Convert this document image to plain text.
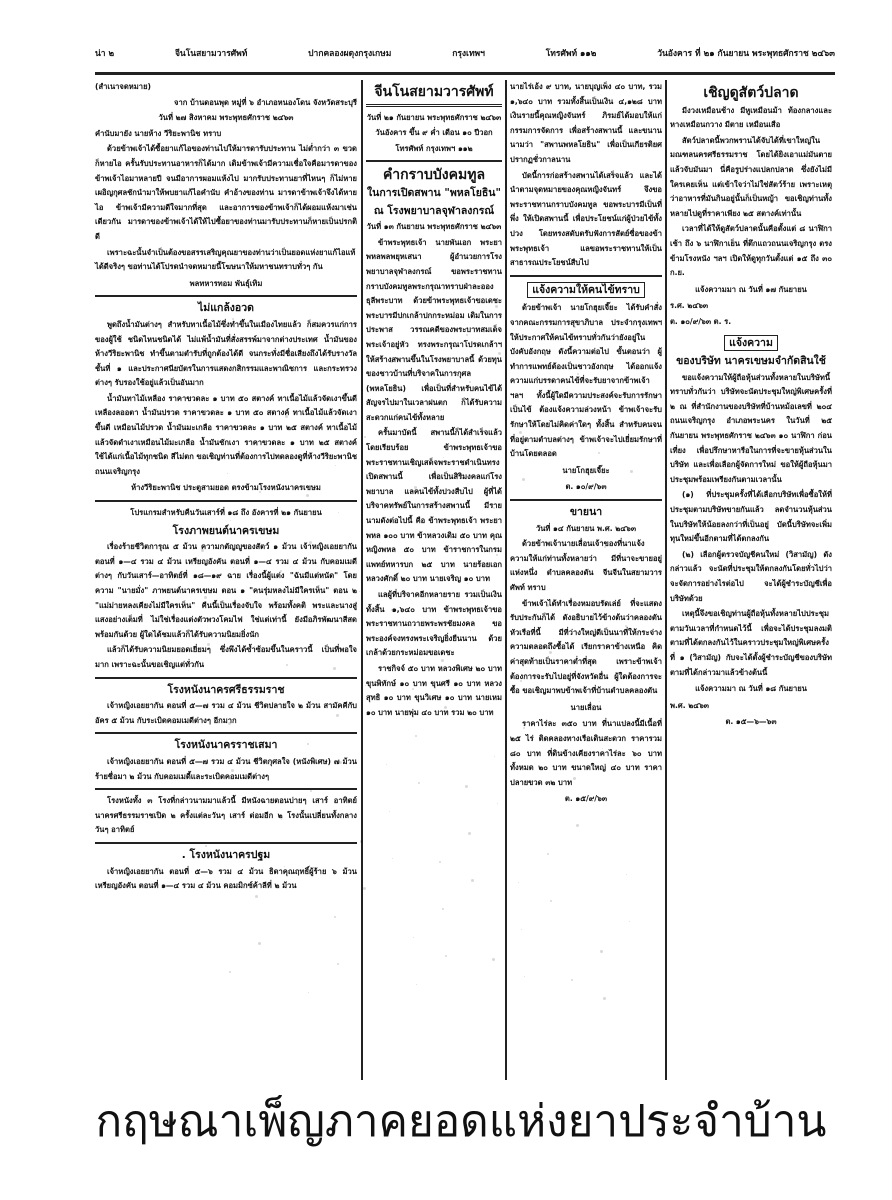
น่า ๒	จีนโนสยามวารศัพท์	ปากคลองผดุงกรุงเกษม	กรุงเทพฯ	โทรศัพท์ ๑๑๒	วันอังคาร ที่ ๒๑ กันยายน พระพุทธศักราช ๒๔๖๓
(สำเนาจดหมาย)
จาก บ้านดอนพุด หมู่ที่ ๖ อำเภอหนองโดน จังหวัดสระบุรี
วันที่ ๒๗ สิงหาคม พระพุทธศักราช ๒๔๖๓
คำนับมายัง นายห้าง วีริยะพานิช ทราบ
ด้วยข้าพเจ้าได้ซื้อยาแก้ไอของท่านไปให้มารดารับประทาน ไม่ต่ำกว่า ๓ ขวด ก็หายไอ ครั้นรับประทานอาหารก็ได้มาก เดิมข้าพเจ้ามีความเชื่อใจคือมารดาของข้าพเจ้าไอมาหลายปี จนมีอาการผอมแห้งไป มากรับประทานยาที่ไหนๆ ก็ไม่หาย เผอิญกุศลชักนำมาให้พบยาแก้ไอคำนับ คำอ้างของท่าน มารดาข้าพเจ้าจึงได้หายไอ ข้าพเจ้ามีความดีใจมากที่สุด และอาการของข้าพเจ้าก็ได้ผอมแห้งมาเช่นเดียวกัน มารดาของข้าพเจ้าได้ให้ไปซื้อยาของท่านมารับประทานก็หายเป็นปรกติดี
เพราะฉะนั้นจำเป็นต้องขอสรรเสริญคุณยาของท่านว่าเป็นยอดแห่งยาแก้ไอแท้ได้ดีจริงๆ ขอท่านได้โปรดนำจดหมายนี้โฆษนาให้มหาชนทราบทั่วๆ กัน
พลทหารทอม พันธุ์เทิม
ไม่แกล้งอวด
พูดถึงน้ำมันต่างๆ สำหรับทาเนื้อไม้ซึ่งทำขึ้นในเมืองไทยแล้ว ก็สมควรแก่การของผู้ใช้ ชนิดไหนชนิดได้ ไม่แพ้น้ำมันที่สั่งสรรพ์มาจากต่างประเทศ น้ำมันของห้างวีริยะพานิช ทำขึ้นตามตำรับที่ถูกต้องได้ดี จนกระทั่งมีชื่อเสียงถึงได้รับรางวัลชั้นที่ ๑ และประกาศนียบัตรในการแสดงกสิกรรมและพาณิชการ และกระทรวงต่างๆ รับรองใช้อยู่แล้วเป็นอันมาก
น้ำมันทาไม้เหลือง ราคาขวดละ ๑ บาท ๕๐ สตางค์ ทาเนื้อไม้แล้วจัดเงาขึ้นดี เหลืองลออตา น้ำมันปรวด ราคาขวดละ ๑ บาท ๕๐ สตางค์ ทาเนื้อไม้แล้วจัดเงาขึ้นดี เหมือนไม้ปรวด น้ำมันมะเกลือ ราคาขวดละ ๑ บาท ๒๕ สตางค์ ทาเนื้อไม้แล้วจัดดำเงาเหมือนไม้มะเกลือ น้ำมันชักเงา ราคาขวดละ ๑ บาท ๒๕ สตางค์ ใช้ได้แก่เนื้อไม้ทุกชนิด สีไม่ตก ขอเชิญท่านที่ต้องการไปทดลองดูที่ห้างวีริยะพานิช ถนนเจริญกรุง
ห้างวีริยะพานิช ประตูสามยอด ตรงข้ามโรงหนังนาครเขษม
โปรแกรมสำหรับคืนวันเสาร์ที่ ๑๘ ถึง อังคารที่ ๒๑ กันยายน
โรงภาพยนต์นาครเขษม
เรื่องร้ายชีวิตการุณ ๕ ม้วน ความกตัญญูของสัตว์ ๑ ม้วน เจ้าหญิงเอยยากัน ตอนที่ ๑—๔ รวม ๔ ม้วน เหรียญอังคัน ตอนที่ ๑—๔ รวม ๔ ม้วน กับคอมเมดีต่างๆ กับวันเสาร์—อาทิตย์ที่ ๑๘—๑๙ ฉาย เรื่องนี้ผู้แต่ง "ฉันมีแต่หนัด" โดยความ "นายมั่ง" ภาพยนต์นาครเขษม ตอน ๑ "คนรุ่มหลงไม่มีใครเห็น" ตอน ๒ "แม่ม่ายหลงเคียงไม่มีใครเห็น" คืนนี้เป็นเรื่องจับใจ พร้อมทั้งคติ พระและนางสู่แสงอย่างเต็มที่ ไม่ใช่เรื่องแต่งตัวพวงโคมไฟ ใช่แต่เท่านี้ ยังมีอภิรพัฒนาสีสดพร้อมกันด้วย ผู้ใดได้ชมแล้วก็ได้รับความนิยมยิ่งนัก
แล้วก็ได้รับความนิยมยอดเยี่ยมๆ ซึ่งพึงได้ซ้ำซ้อมขึ้นในคราวนี้ เป็นที่พอใจมาก เพราะฉะนั้นขอเชิญแต่ทั่วกัน
โรงหนังนาครศรีธรรมราช
เจ้าหญิงเอยยากัน ตอนที่ ๕—๗ รวม ๔ ม้วน ชีวิตปลายใจ ๒ ม้วน สามัคคีกับอัคร ๕ ม้วน กับระเบิดคอมเมดีต่างๆ อีกมาก
โรงหนังนาครราชเสมา
เจ้าหญิงเอยยากัน ตอนที่ ๕—๗ รวม ๔ ม้วน ชีวิตกุศลใจ (หนังพิเศษ) ๗ ม้วน ร้ายชื่อมา ๒ ม้วน กับคอมเมดี้และระเบิดคอมเมดีต่างๆ
โรงหนังทั้ง ๓ โรงที่กล่าวนามมาแล้วนี้ มีหนังฉายตอนบ่ายๆ เสาร์ อาทิตย์ นาครศรีธรรมราชเปิด ๒ ครั้งแต่ละวันๆ เสาร์ ต่อมอีก ๒ โรงนั้นเปลี่ยนทั้งกลางวันๆ อาทิตย์
. โรงหนังนาครปฐม
เจ้าหญิงเอยยากัน ตอนที่ ๕—๖ รวม ๔ ม้วน ธิดาคุณฤทธิ์ผู้ร้าย ๖ ม้วน เหรียญอังคัน ตอนที่ ๑—๔ รวม ๔ ม้วน คอมมิกซ์ค้าลีที่ ๒ ม้วน
จีนโนสยามวารศัพท์
วันที่ ๒๑ กันยายน พระพุทธศักราช ๒๔๖๓
วันอังคาร ขึ้น ๙ ค่ำ เดือน ๑๐ ปีวอก
โทรศัพท์ กรุงเทพฯ ๑๑๒
คำกราบบังคมทูล
ในการเปิดสพาน "พหลโยธิน"
ณ โรงพยาบาลจุฬาลงกรณ์
วันที่ ๑๓ กันยายน พระพุทธศักราช ๒๔๖๓
ข้าพระพุทธเจ้า นายพันเอก พระยาพหลพลพยุหเสนา ผู้อำนวยการโรงพยาบาลจุฬาลงกรณ์ ขอพระราชทานกราบบังคมทูลพระกรุณาทราบฝ่าละอองธุลีพระบาท ด้วยข้าพระพุทธเจ้าขอเดชะ พระบารมีปกเกล้าปกกระหม่อม เดิมในการประพาส วรรณคดีของพระบาทสมเด็จพระเจ้าอยู่หัว ทรงพระกรุณาโปรดเกล้าฯ ให้สร้างสพานขึ้นในโรงพยาบาลนี้ ด้วยทุนของชาวบ้านที่บริจาคในการกุศล (พหลโยธิน) เพื่อเป็นที่สำหรับคนไข้ได้สัญจรไปมาในเวลาฝนตก ก็ได้รับความสะดวกแก่คนไข้ทั้งหลาย
ครั้นมาบัดนี้ สพานนี้ก็ได้สำเร็จแล้วโดยเรียบร้อย ข้าพระพุทธเจ้าขอพระราชทานเชิญเสด็จพระราชดำเนินทรงเปิดสพานนี้ เพื่อเป็นสิริมงคลแก่โรงพยาบาล แลคนไข้ทั้งปวงสืบไป ผู้ที่ได้บริจาคทรัพย์ในการสร้างสพานนี้ มีรายนามดังต่อไปนี้ คือ ข้าพระพุทธเจ้า พระยาพหล ๑๐๐ บาท ข้าหลวงเดิม ๕๐ บาท คุณหญิงพหล ๕๐ บาท ข้าราชการในกรมแพทย์ทหารบก ๒๕ บาท นายร้อยเอก หลวงศักดิ์ ๒๐ บาท นายเจริญ ๑๐ บาท
แลผู้ที่บริจาคอีกหลายราย รวมเป็นเงินทั้งสิ้น ๑,๖๔๐ บาท ข้าพระพุทธเจ้าขอพระราชทานถวายพระพรชัยมงคล ขอพระองค์จงทรงพระเจริญยิ่งยืนนาน ด้วยเกล้าด้วยกระหม่อมขอเดชะ
ราชกิจจ์ ๕๐ บาท หลวงพิเศษ ๒๐ บาท ขุนพิทักษ์ ๑๐ บาท ขุนศรี ๑๐ บาท หลวงสุทธิ ๑๐ บาท ขุนวิเศษ ๑๐ บาท นายเหม ๑๐ บาท นายพุ่ม ๔๐ บาท รวม ๒๐ บาท
นายไร่เอ้ง ๙ บาท, นายบุญเพ็ง ๔๐ บาท, รวม ๑,๖๔๐ บาท รวมทั้งสิ้นเป็นเงิน ๔,๑๒๘ บาท เงินรายนี้คุณหญิงจันทร์ ภิรมย์ได้มอบให้แก่กรรมการจัดการ เพื่อสร้างสพานนี้ และขนานนามว่า "สพานพหลโยธิน" เพื่อเป็นเกียรติยศปรากฏชั่วกาลนาน
บัดนี้การก่อสร้างสพานได้เสร็จแล้ว และได้นำตามจุดหมายของคุณหญิงจันทร์ จึงขอพระราชทานกราบบังคมทูล ขอพระบารมีเป็นที่พึ่ง ให้เปิดสพานนี้ เพื่อประโยชน์แก่ผู้ป่วยไข้ทั้งปวง โดยทรงสดับตรับฟังการสัตย์ซื่อของข้าพระพุทธเจ้า แลขอพระราชทานให้เป็นสาธารณประโยชน์สืบไป
แจ้งความให้คนไข้ทราบ
ด้วยข้าพเจ้า นายโกฮุยเจี๊ยะ ได้รับคำสั่งจากคณะกรรมการสุขาภิบาล ประจำกรุงเทพฯ ให้ประกาศให้คนไข้ทราบทั่วกันว่ายังอยู่ในบังคับอังกฤษ ดังนี้ความต่อไป ขั้นตอนว่า ผู้ทำการแพทย์ต้องเป็นชาวอังกฤษ ได้ออกแจ้งความแก่บรรดาคนไข้ที่จะรับยาจากข้าพเจ้า ฯลฯ ทั้งนี้ผู้ใดมีความประสงค์จะรับการรักษาเป็นไข้ ต้องแจ้งความล่วงหน้า ข้าพเจ้าจะรับรักษาให้โดยไม่คิดค่าใดๆ ทั้งสิ้น สำหรับคนจนที่อยู่ตามตำบลต่างๆ ข้าพเจ้าจะไปเยี่ยมรักษาที่บ้านโดยตลอด
นายโกฮุยเจี๊ยะ
ต. ๑๐/๙/๖๓
ขายนา
วันที่ ๑๔ กันยายน พ.ศ. ๒๔๖๓
ด้วยข้าพเจ้านายเลื่อนเจ้าของที่นาแจ้งความให้แก่ท่านทั้งหลายว่า มีที่นาจะขายอยู่แห่งหนึ่ง ตำบลคลองตัน จีนจีนในสยามวารศัพท์ ทราบ
ข้าพเจ้าได้ทำเรื่องหมอบรัดเล่ย์ ที่จะแสดงรับประกันก็ได้ ดังอธิบายไว้ข้างต้นว่าคลองตันหัวเรือที่นี้ มีที่ว่างใหญ่ดีเป็นนาที่ให้กระจ่างความตลอดถึงซื้อได้ เรียกราคาข้างเหนือ คิดค่าสุดท้ายเป็นราคาต่ำที่สุด เพราะข้าพเจ้าต้องการจะรับไปอยู่ที่จังหวัดอื่น ผู้ใดต้องการจะซื้อ ขอเชิญมาพบข้าพเจ้าที่บ้านตำบลคลองตัน
นายเลื่อน
ราคาไร่ละ ๓๕๐ บาท ที่นาแปลงนี้มีเนื้อที่ ๒๕ ไร่ ติดคลองทางเรือเดินสะดวก ราคารวม ๘๐ บาท ที่ดินข้างเคียงราคาไร่ละ ๖๐ บาท ทั้งหมด ๒๐ บาท ขนาดใหญ่ ๔๐ บาท ราคาปลายขวด ๓๒ บาท
ต. ๑๕/๙/๖๓
เชิญดูสัตว์ปลาด
มีงวงเหมือนช้าง มีหูเหมือนม้า ท้องกลางและหางเหมือนกวาง มีตาย เหมือนเสือ
สัตว์ปลาดนี้พวกพรานได้จับได้ที่เขาใหญ่ในมณฑลนครศรีธรรมราช โดยได้ยิงเอาแม่มันตายแล้วจับมันมา นี่คือรูปร่างแปลกปลาด ซึ่งยังไม่มีใครเคยเห็น แต่เข้าใจว่าไม่ใช่สัตว์ร้าย เพราะเหตุว่าอาหารที่มันกินอยู่นั้นก็เป็นหญ้า ขอเชิญท่านทั้งหลายไปดูที่ราคาเพียง ๒๕ สตางค์เท่านั้น
เวลาที่ได้ให้ดูสัตว์ปลาดนั้นคือตั้งแต่ ๘ นาฬิกาเช้า ถึง ๖ นาฬิกาเย็น ที่ตึกแถวถนนเจริญกรุง ตรงข้ามโรงหนัง ฯลฯ เปิดให้ดูทุกวันตั้งแต่ ๑๕ ถึง ๓๐ ก.ย.
แจ้งความมา ณ วันที่ ๑๗ กันยายน
ร.ศ. ๒๔๖๓
ต. ๑๐/๙/๖๓ ต. ร.
แจ้งความ
ของบริษัท นาครเขษมจำกัดสินใช้
ขอแจ้งความให้ผู้ถือหุ้นส่วนทั้งหลายในบริษัทนี้ทราบทั่วกันว่า บริษัทจะนัดประชุมใหญ่พิเศษครั้งที่ ๒ ณ ที่สำนักงานของบริษัทที่บ้านหม้อเลขที่ ๒๐๔ ถนนเจริญกรุง อำเภอพระนคร ในวันที่ ๒๕ กันยายน พระพุทธศักราช ๒๔๖๓ ๑๐ นาฬิกา ก่อนเที่ยง เพื่อปรึกษาหารือในการที่จะขายหุ้นส่วนในบริษัท และเพื่อเลือกผู้จัดการใหม่ ขอให้ผู้ถือหุ้นมาประชุมพร้อมเพรียงกันตามเวลานั้น
(๑) ที่ประชุมครั้งที่ได้เลือกบริษัทเพื่อซื้อให้ที่ประชุมตามบริษัทขายกันแล้ว ลดจำนวนหุ้นส่วนในบริษัทให้น้อยลงกว่าที่เป็นอยู่ บัดนี้บริษัทจะเพิ่มทุนใหม่ขึ้นอีกตามที่ได้ตกลงกัน
(๒) เลือกผู้ตรวจบัญชีคนใหม่ (วิสามัญ) ดังกล่าวแล้ว จะนัดที่ประชุมให้ตกลงกันโดยทั่วไปว่าจะจัดการอย่างไรต่อไป จะได้ผู้ชำระบัญชีเพื่อบริษัทด้วย
เหตุนี้จึงขอเชิญท่านผู้ถือหุ้นทั้งหลายไปประชุมตามวันเวลาที่กำหนดไว้นี้ เพื่อจะได้ประชุมลงมติตามที่ได้ตกลงกันไว้ในคราวประชุมใหญ่พิเศษครั้งที่ ๑ (วิสามัญ) กับจะได้ตั้งผู้ชำระบัญชีของบริษัทตามที่ได้กล่าวมาแล้วข้างต้นนี้
แจ้งความมา ณ วันที่ ๑๘ กันยายน
พ.ศ. ๒๔๖๓
ต. ๑๕—๖—๖๓
กฤษณาเพ็ญภาคยอดแห่งยาประจำบ้าน
